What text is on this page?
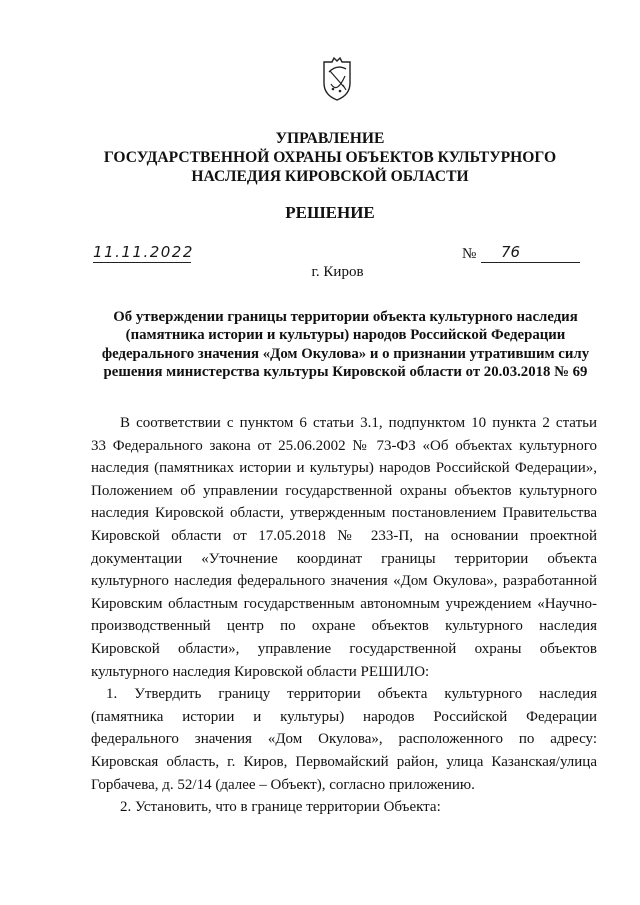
УПРАВЛЕНИЕ
ГОСУДАРСТВЕННОЙ ОХРАНЫ ОБЪЕКТОВ КУЛЬТУРНОГО
НАСЛЕДИЯ КИРОВСКОЙ ОБЛАСТИ
РЕШЕНИЕ
11.11.2022	№	76
г. Киров
Об утверждении границы территории объекта культурного наследия
(памятника истории и культуры) народов Российской Федерации
федерального значения «Дом Окулова» и о признании утратившим силу
решения министерства культуры Кировской области от 20.03.2018 № 69
В соответствии с пунктом 6 статьи 3.1, подпунктом 10 пункта 2 статьи
33 Федерального закона от 25.06.2002 № 73-ФЗ «Об объектах культурного
наследия (памятниках истории и культуры) народов Российской Федерации»,
Положением об управлении государственной охраны объектов культурного
наследия Кировской области, утвержденным постановлением Правительства
Кировской области от 17.05.2018 № 233-П, на основании проектной
документации «Уточнение координат границы территории объекта
культурного наследия федерального значения «Дом Окулова», разработанной
Кировским областным государственным автономным учреждением «Научно-
производственный центр по охране объектов культурного наследия
Кировской области», управление государственной охраны объектов
культурного наследия Кировской области РЕШИЛО:
1. Утвердить границу территории объекта культурного наследия
(памятника истории и культуры) народов Российской Федерации
федерального значения «Дом Окулова», расположенного по адресу:
Кировская область, г. Киров, Первомайский район, улица Казанская/улица
Горбачева, д. 52/14 (далее – Объект), согласно приложению.
2. Установить, что в границе территории Объекта:
